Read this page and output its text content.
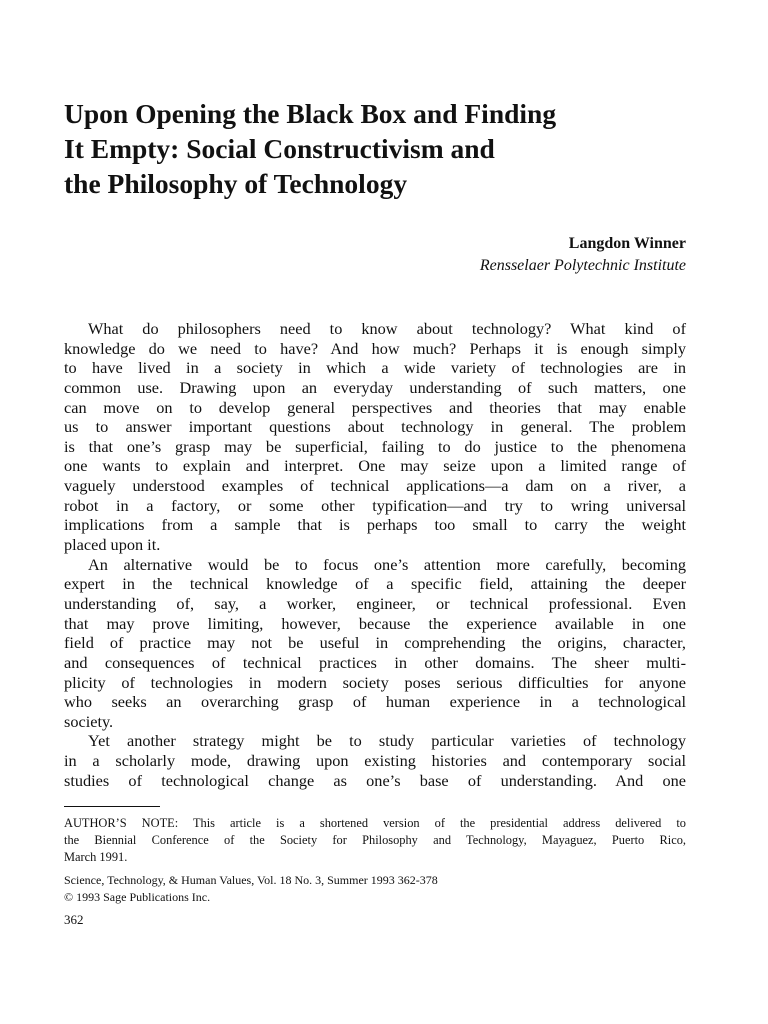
Upon Opening the Black Box and Finding
It Empty: Social Constructivism and
the Philosophy of Technology
Langdon Winner
Rensselaer Polytechnic Institute
What do philosophers need to know about technology? What kind of
knowledge do we need to have? And how much? Perhaps it is enough simply
to have lived in a society in which a wide variety of technologies are in
common use. Drawing upon an everyday understanding of such matters, one
can move on to develop general perspectives and theories that may enable
us to answer important questions about technology in general. The problem
is that one’s grasp may be superficial, failing to do justice to the phenomena
one wants to explain and interpret. One may seize upon a limited range of
vaguely understood examples of technical applications—a dam on a river, a
robot in a factory, or some other typification—and try to wring universal
implications from a sample that is perhaps too small to carry the weight
placed upon it.
An alternative would be to focus one’s attention more carefully, becoming
expert in the technical knowledge of a specific field, attaining the deeper
understanding of, say, a worker, engineer, or technical professional. Even
that may prove limiting, however, because the experience available in one
field of practice may not be useful in comprehending the origins, character,
and consequences of technical practices in other domains. The sheer multi-
plicity of technologies in modern society poses serious difficulties for anyone
who seeks an overarching grasp of human experience in a technological
society.
Yet another strategy might be to study particular varieties of technology
in a scholarly mode, drawing upon existing histories and contemporary social
studies of technological change as one’s base of understanding. And one
AUTHOR’S NOTE: This article is a shortened version of the presidential address delivered to
the Biennial Conference of the Society for Philosophy and Technology, Mayaguez, Puerto Rico,
March 1991.
Science, Technology, & Human Values, Vol. 18 No. 3, Summer 1993 362-378
© 1993 Sage Publications Inc.
362
